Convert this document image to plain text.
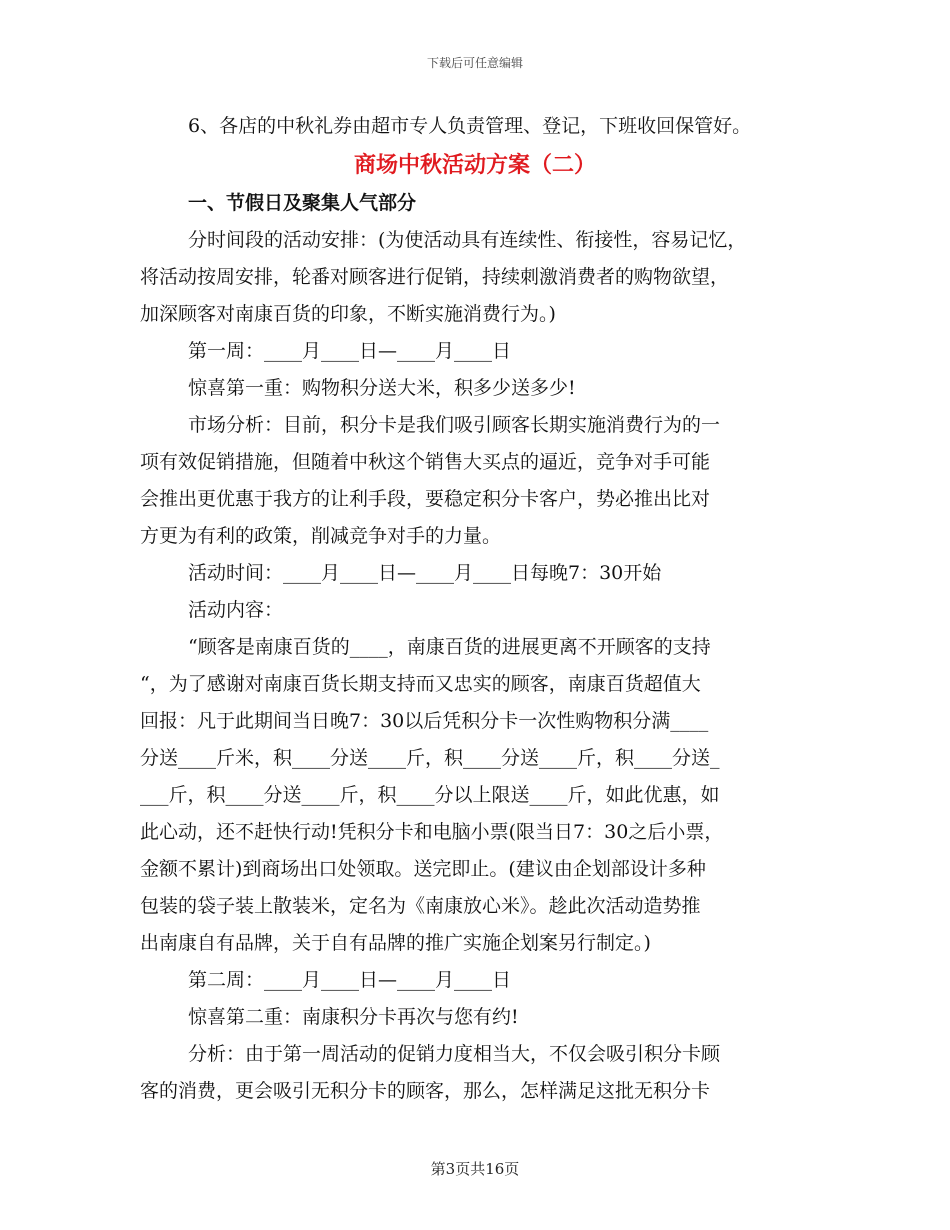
下载后可任意编辑

6、各店的中秋礼券由超市专人负责管理、登记，下班收回保管好。

商场中秋活动方案（二）

一、节假日及聚集人气部分

分时间段的活动安排：(为使活动具有连续性、衔接性，容易记忆，

将活动按周安排，轮番对顾客进行促销，持续刺激消费者的购物欲望，

加深顾客对南康百货的印象，不断实施消费行为。)

第一周：____月____日—____月____日

惊喜第一重：购物积分送大米，积多少送多少!

市场分析：目前，积分卡是我们吸引顾客长期实施消费行为的一

项有效促销措施，但随着中秋这个销售大买点的逼近，竞争对手可能

会推出更优惠于我方的让利手段，要稳定积分卡客户，势必推出比对

方更为有利的政策，削减竞争对手的力量。

活动时间：____月____日—____月____日每晚7：30开始

活动内容：

“顾客是南康百货的____，南康百货的进展更离不开顾客的支持

“，为了感谢对南康百货长期支持而又忠实的顾客，南康百货超值大

回报：凡于此期间当日晚7：30以后凭积分卡一次性购物积分满____

分送____斤米，积____分送____斤，积____分送____斤，积____分送_

___斤，积____分送____斤，积____分以上限送____斤，如此优惠，如

此心动，还不赶快行动!凭积分卡和电脑小票(限当日7：30之后小票，

金额不累计)到商场出口处领取。送完即止。(建议由企划部设计多种

包装的袋子装上散装米，定名为《南康放心米》。趁此次活动造势推

出南康自有品牌，关于自有品牌的推广实施企划案另行制定。)

第二周：____月____日—____月____日

惊喜第二重：南康积分卡再次与您有约!

分析：由于第一周活动的促销力度相当大，不仅会吸引积分卡顾

客的消费，更会吸引无积分卡的顾客，那么，怎样满足这批无积分卡

第3页共16页
